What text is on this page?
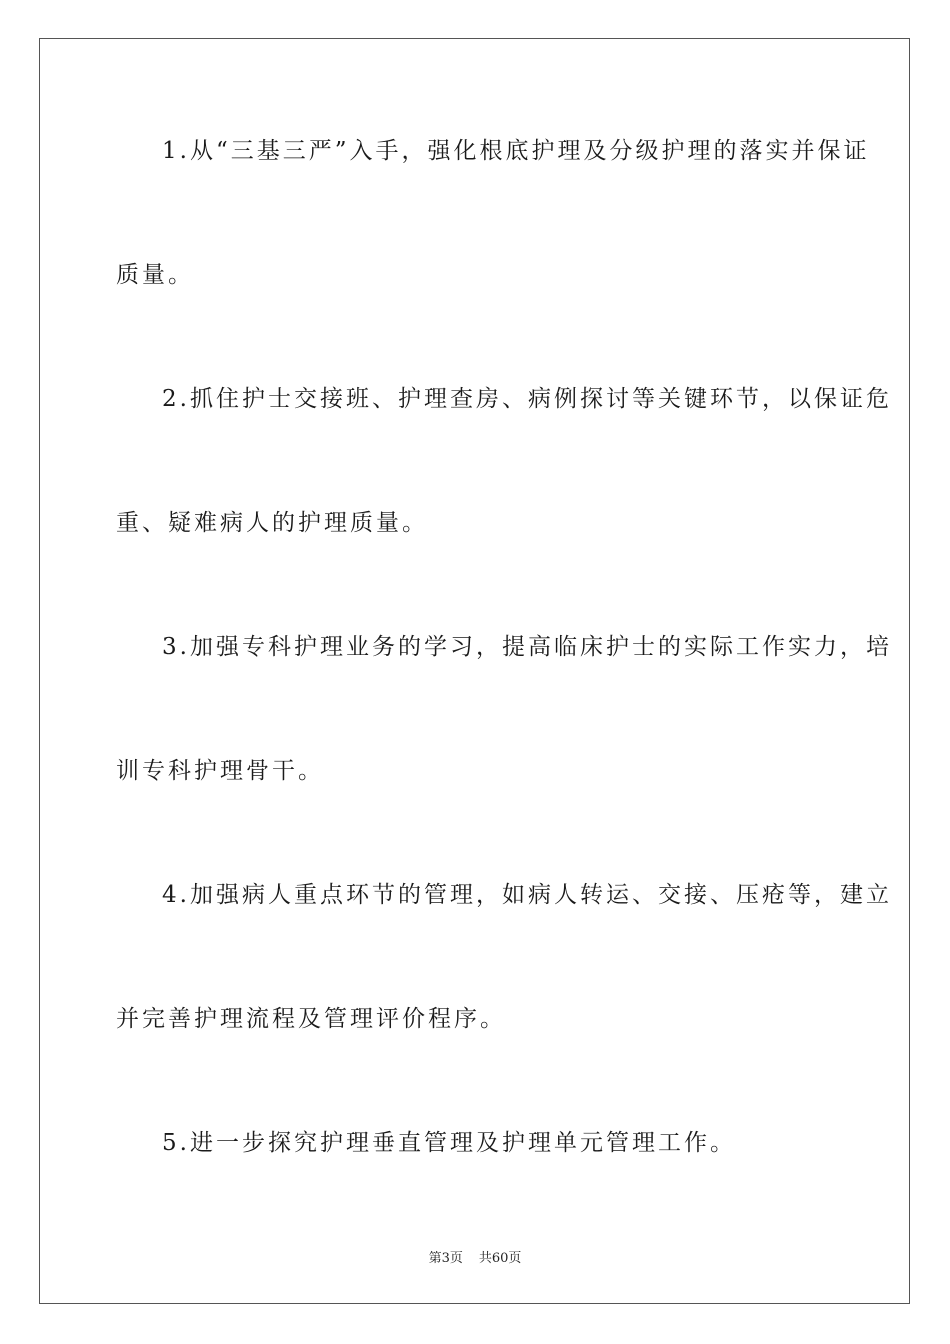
1.从“三基三严”入手，强化根底护理及分级护理的落实并保证
质量。
2.抓住护士交接班、护理查房、病例探讨等关键环节，以保证危
重、疑难病人的护理质量。
3.加强专科护理业务的学习，提高临床护士的实际工作实力，培
训专科护理骨干。
4.加强病人重点环节的管理，如病人转运、交接、压疮等，建立
并完善护理流程及管理评价程序。
5.进一步探究护理垂直管理及护理单元管理工作。
第3页 共60页
